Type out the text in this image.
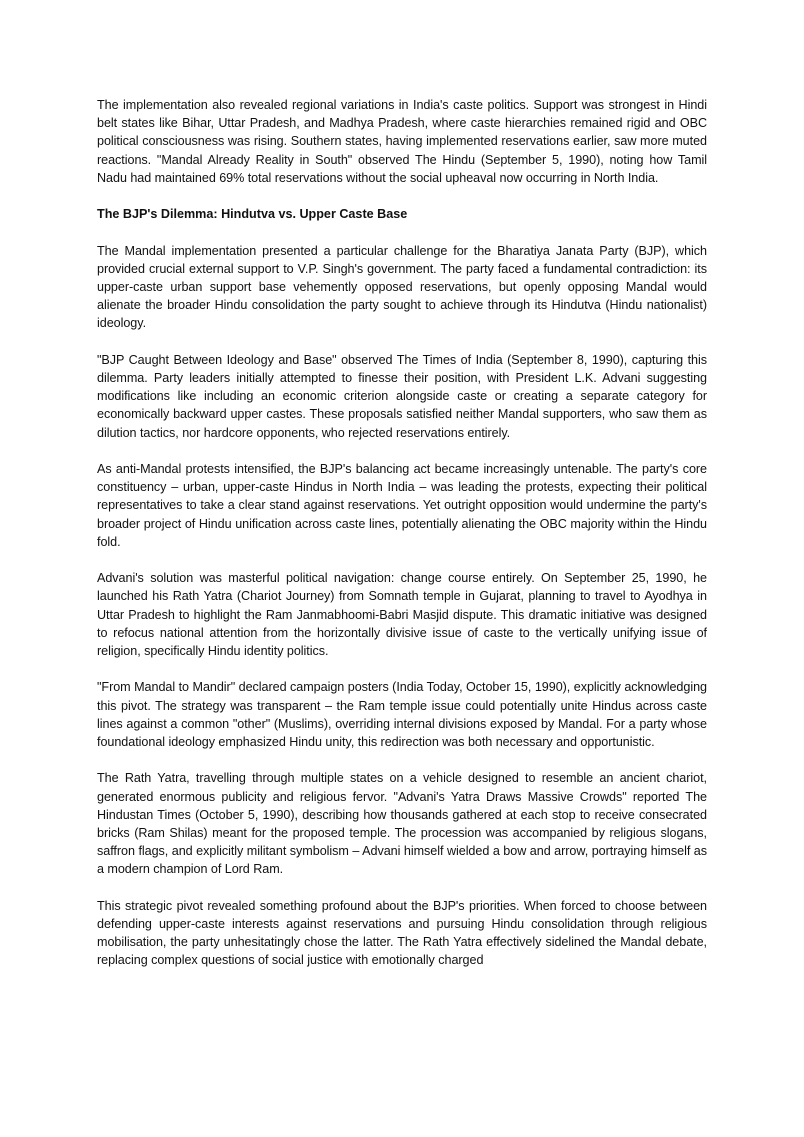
The implementation also revealed regional variations in India's caste politics. Support was strongest in Hindi belt states like Bihar, Uttar Pradesh, and Madhya Pradesh, where caste hierarchies remained rigid and OBC political consciousness was rising. Southern states, having implemented reservations earlier, saw more muted reactions. "Mandal Already Reality in South" observed The Hindu (September 5, 1990), noting how Tamil Nadu had maintained 69% total reservations without the social upheaval now occurring in North India.

The BJP's Dilemma: Hindutva vs. Upper Caste Base

The Mandal implementation presented a particular challenge for the Bharatiya Janata Party (BJP), which provided crucial external support to V.P. Singh's government. The party faced a fundamental contradiction: its upper-caste urban support base vehemently opposed reservations, but openly opposing Mandal would alienate the broader Hindu consolidation the party sought to achieve through its Hindutva (Hindu nationalist) ideology.

"BJP Caught Between Ideology and Base" observed The Times of India (September 8, 1990), capturing this dilemma. Party leaders initially attempted to finesse their position, with President L.K. Advani suggesting modifications like including an economic criterion alongside caste or creating a separate category for economically backward upper castes. These proposals satisfied neither Mandal supporters, who saw them as dilution tactics, nor hardcore opponents, who rejected reservations entirely.

As anti-Mandal protests intensified, the BJP's balancing act became increasingly untenable. The party's core constituency – urban, upper-caste Hindus in North India – was leading the protests, expecting their political representatives to take a clear stand against reservations. Yet outright opposition would undermine the party's broader project of Hindu unification across caste lines, potentially alienating the OBC majority within the Hindu fold.

Advani's solution was masterful political navigation: change course entirely. On September 25, 1990, he launched his Rath Yatra (Chariot Journey) from Somnath temple in Gujarat, planning to travel to Ayodhya in Uttar Pradesh to highlight the Ram Janmabhoomi-Babri Masjid dispute. This dramatic initiative was designed to refocus national attention from the horizontally divisive issue of caste to the vertically unifying issue of religion, specifically Hindu identity politics.

"From Mandal to Mandir" declared campaign posters (India Today, October 15, 1990), explicitly acknowledging this pivot. The strategy was transparent – the Ram temple issue could potentially unite Hindus across caste lines against a common "other" (Muslims), overriding internal divisions exposed by Mandal. For a party whose foundational ideology emphasized Hindu unity, this redirection was both necessary and opportunistic.

The Rath Yatra, travelling through multiple states on a vehicle designed to resemble an ancient chariot, generated enormous publicity and religious fervor. "Advani's Yatra Draws Massive Crowds" reported The Hindustan Times (October 5, 1990), describing how thousands gathered at each stop to receive consecrated bricks (Ram Shilas) meant for the proposed temple. The procession was accompanied by religious slogans, saffron flags, and explicitly militant symbolism – Advani himself wielded a bow and arrow, portraying himself as a modern champion of Lord Ram.

This strategic pivot revealed something profound about the BJP's priorities. When forced to choose between defending upper-caste interests against reservations and pursuing Hindu consolidation through religious mobilisation, the party unhesitatingly chose the latter. The Rath Yatra effectively sidelined the Mandal debate, replacing complex questions of social justice with emotionally charged
